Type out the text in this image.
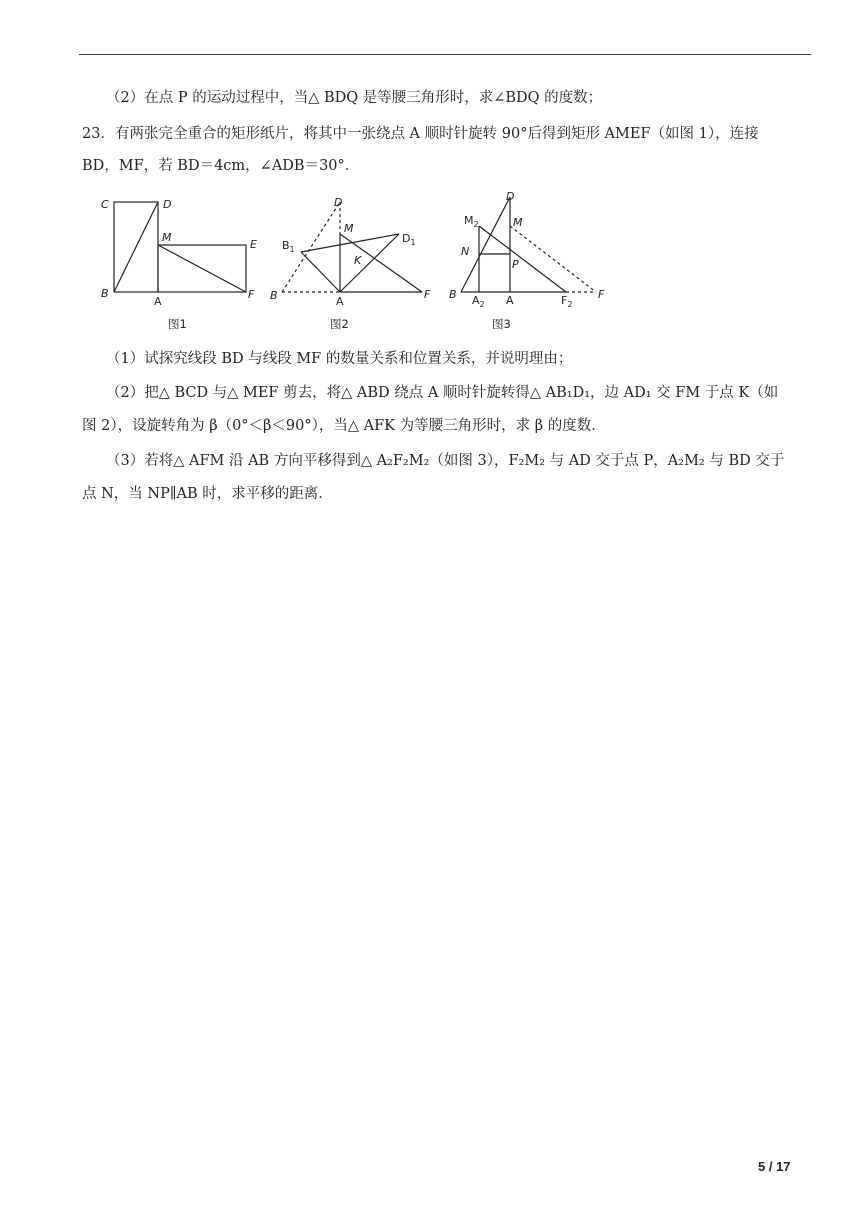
（2）在点 P 的运动过程中，当△ BDQ 是等腰三角形时，求∠BDQ 的度数；
23．有两张完全重合的矩形纸片，将其中一张绕点 A 顺时针旋转 90°后得到矩形 AMEF（如图 1），连接
BD，MF，若 BD＝4cm，∠ADB＝30°．
C	D
M
E
B
A
F
图1
D
M
$B_1$
$D_1$
K
B	A
F
图2
D
$M_2$	M
N
P
B $A_2$ A	$F_2$
F
图3
（1）试探究线段 BD 与线段 MF 的数量关系和位置关系，并说明理由；
（2）把△ BCD 与△ MEF 剪去，将△ ABD 绕点 A 顺时针旋转得△ AB₁D₁，边 AD₁ 交 FM 于点 K（如
图 2），设旋转角为 β（0°＜β＜90°），当△ AFK 为等腰三角形时，求 β 的度数．
（3）若将△ AFM 沿 AB 方向平移得到△ A₂F₂M₂（如图 3），F₂M₂ 与 AD 交于点 P，A₂M₂ 与 BD 交于
点 N，当 NP∥AB 时，求平移的距离．
5 / 17
